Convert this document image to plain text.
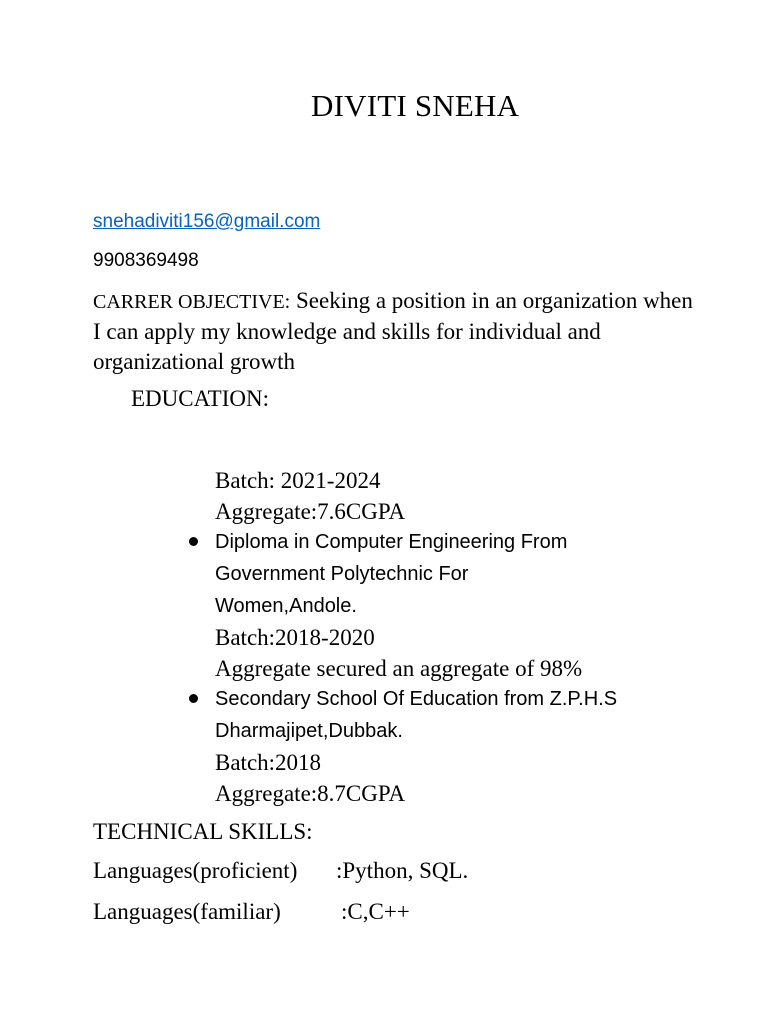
DIVITI SNEHA
snehadiviti156@gmail.com
9908369498
CARRER OBJECTIVE: Seeking a position in an organization when I can apply my knowledge and skills for individual and organizational growth
EDUCATION:
Batch: 2021-2024
Aggregate:7.6CGPA
Diploma in Computer Engineering From
Government Polytechnic For
Women,Andole.
Batch:2018-2020
Aggregate secured an aggregate of 98%
Secondary School Of Education from Z.P.H.S
Dharmajipet,Dubbak.
Batch:2018
Aggregate:8.7CGPA
TECHNICAL SKILLS:
Languages(proficient) :Python, SQL.
Languages(familiar)	:C,C++
